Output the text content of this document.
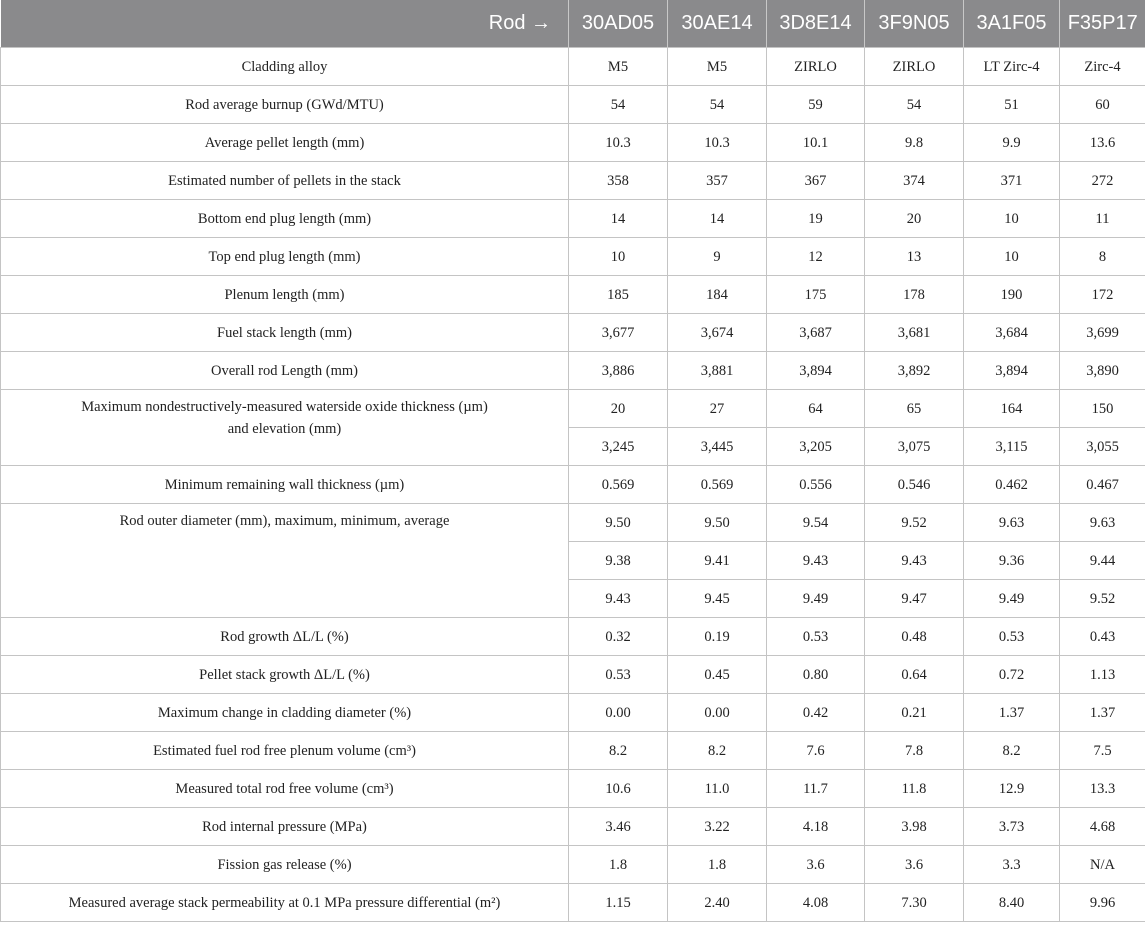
Rod →	30AD05	30AE14	3D8E14	3F9N05	3A1F05	F35P17
Cladding alloy	M5	M5	ZIRLO	ZIRLO	LT Zirc-4	Zirc-4
Rod average burnup (GWd/MTU)	54	54	59	54	51	60
Average pellet length (mm)	10.3	10.3	10.1	9.8	9.9	13.6
Estimated number of pellets in the stack	358	357	367	374	371	272
Bottom end plug length (mm)	14	14	19	20	10	11
Top end plug length (mm)	10	9	12	13	10	8
Plenum length (mm)	185	184	175	178	190	172
Fuel stack length (mm)	3,677	3,674	3,687	3,681	3,684	3,699
Overall rod Length (mm)	3,886	3,881	3,894	3,892	3,894	3,890
Maximum nondestructively-measured waterside oxide thickness (µm)
and elevation (mm)	20	27	64	65	164	150
	3,245	3,445	3,205	3,075	3,115	3,055
Minimum remaining wall thickness (µm)	0.569	0.569	0.556	0.546	0.462	0.467
Rod outer diameter (mm), maximum, minimum, average	9.50	9.50	9.54	9.52	9.63	9.63
	9.38	9.41	9.43	9.43	9.36	9.44
	9.43	9.45	9.49	9.47	9.49	9.52
Rod growth ΔL/L (%)	0.32	0.19	0.53	0.48	0.53	0.43
Pellet stack growth ΔL/L (%)	0.53	0.45	0.80	0.64	0.72	1.13
Maximum change in cladding diameter (%)	0.00	0.00	0.42	0.21	1.37	1.37
Estimated fuel rod free plenum volume (cm³)	8.2	8.2	7.6	7.8	8.2	7.5
Measured total rod free volume (cm³)	10.6	11.0	11.7	11.8	12.9	13.3
Rod internal pressure (MPa)	3.46	3.22	4.18	3.98	3.73	4.68
Fission gas release (%)	1.8	1.8	3.6	3.6	3.3	N/A
Measured average stack permeability at 0.1 MPa pressure differential (m²)	1.15	2.40	4.08	7.30	8.40	9.96
